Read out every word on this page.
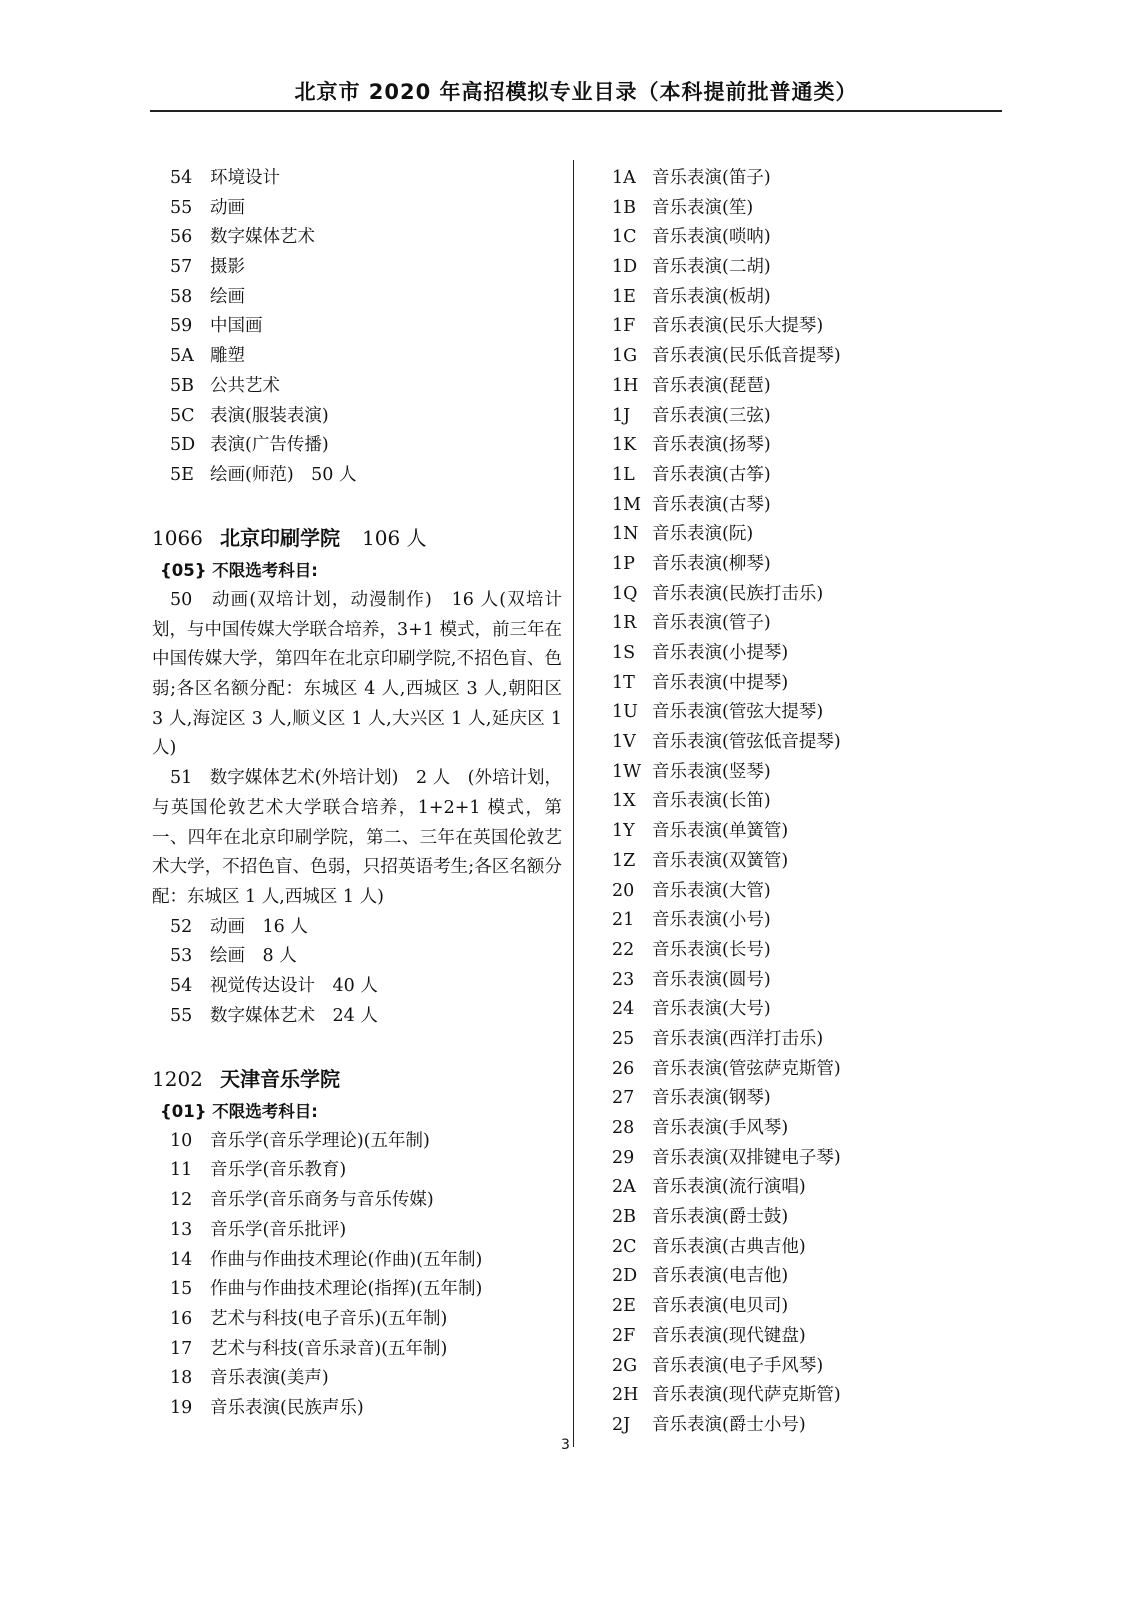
北京市 2020 年高招模拟专业目录（本科提前批普通类）
54 环境设计
55 动画
56 数字媒体艺术
57 摄影
58 绘画
59 中国画
5A 雕塑
5B 公共艺术
5C 表演(服装表演)
5D 表演(广告传播)
5E 绘画(师范)　50 人
1066 北京印刷学院 106 人
{05} 不限选考科目:
50　动画(双培计划，动漫制作)　16 人(双培计划，与中国传媒大学联合培养，3+1 模式，前三年在中国传媒大学，第四年在北京印刷学院,不招色盲、色弱;各区名额分配：东城区 4 人,西城区 3 人,朝阳区 3 人,海淀区 3 人,顺义区 1 人,大兴区 1 人,延庆区 1 人)
51　数字媒体艺术(外培计划)　2 人　(外培计划，与英国伦敦艺术大学联合培养，1+2+1 模式，第一、四年在北京印刷学院，第二、三年在英国伦敦艺术大学，不招色盲、色弱，只招英语考生;各区名额分配：东城区 1 人,西城区 1 人)
52 动画　16 人
53 绘画　8 人
54 视觉传达设计　40 人
55 数字媒体艺术　24 人
1202 天津音乐学院
{01} 不限选考科目:
10 音乐学(音乐学理论)(五年制)
11 音乐学(音乐教育)
12 音乐学(音乐商务与音乐传媒)
13 音乐学(音乐批评)
14 作曲与作曲技术理论(作曲)(五年制)
15 作曲与作曲技术理论(指挥)(五年制)
16 艺术与科技(电子音乐)(五年制)
17 艺术与科技(音乐录音)(五年制)
18 音乐表演(美声)
19 音乐表演(民族声乐)
1A 音乐表演(笛子)
1B 音乐表演(笙)
1C 音乐表演(唢呐)
1D 音乐表演(二胡)
1E 音乐表演(板胡)
1F 音乐表演(民乐大提琴)
1G 音乐表演(民乐低音提琴)
1H 音乐表演(琵琶)
1J 音乐表演(三弦)
1K 音乐表演(扬琴)
1L 音乐表演(古筝)
1M 音乐表演(古琴)
1N 音乐表演(阮)
1P 音乐表演(柳琴)
1Q 音乐表演(民族打击乐)
1R 音乐表演(管子)
1S 音乐表演(小提琴)
1T 音乐表演(中提琴)
1U 音乐表演(管弦大提琴)
1V 音乐表演(管弦低音提琴)
1W 音乐表演(竖琴)
1X 音乐表演(长笛)
1Y 音乐表演(单簧管)
1Z 音乐表演(双簧管)
20 音乐表演(大管)
21 音乐表演(小号)
22 音乐表演(长号)
23 音乐表演(圆号)
24 音乐表演(大号)
25 音乐表演(西洋打击乐)
26 音乐表演(管弦萨克斯管)
27 音乐表演(钢琴)
28 音乐表演(手风琴)
29 音乐表演(双排键电子琴)
2A 音乐表演(流行演唱)
2B 音乐表演(爵士鼓)
2C 音乐表演(古典吉他)
2D 音乐表演(电吉他)
2E 音乐表演(电贝司)
2F 音乐表演(现代键盘)
2G 音乐表演(电子手风琴)
2H 音乐表演(现代萨克斯管)
2J 音乐表演(爵士小号)
3
